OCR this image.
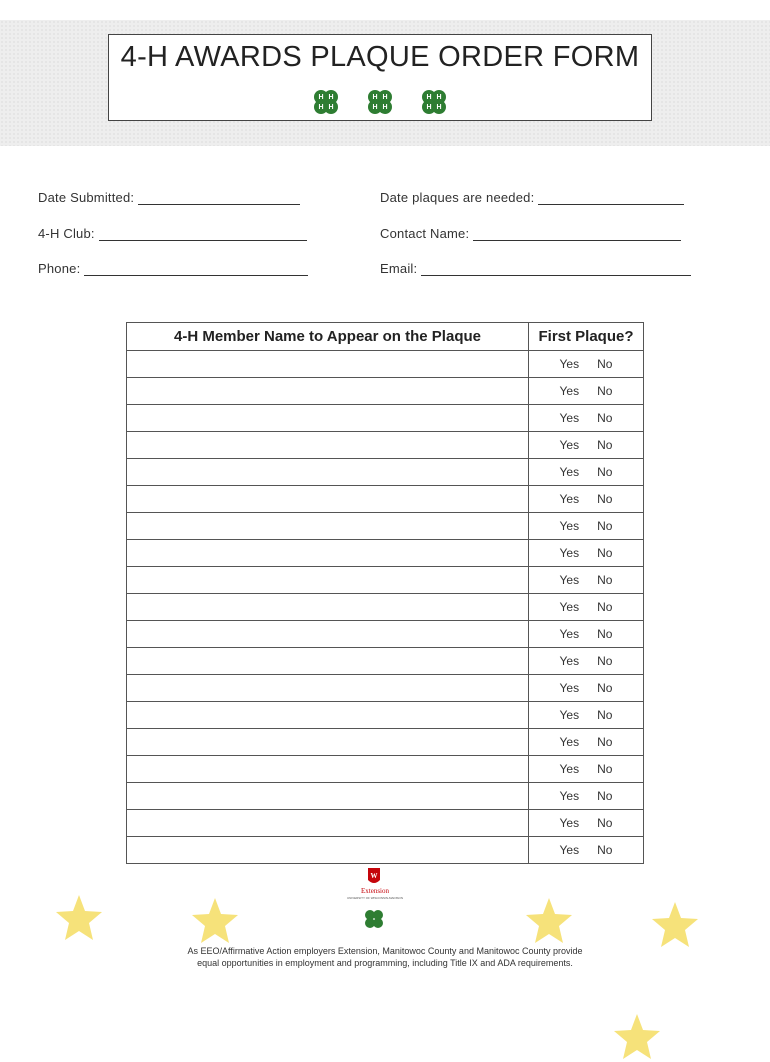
4-H AWARDS PLAQUE ORDER FORM
H H
H H
H H
H H
H H
H H
Date Submitted:	Date plaques are needed:
4-H Club:	Contact Name:
Phone:	Email:
4-H Member Name to Appear on the Plaque	First Plaque?
	Yes No
	Yes No
	Yes No
	Yes No
	Yes No
	Yes No
	Yes No
	Yes No
	Yes No
	Yes No
	Yes No
	Yes No
	Yes No
	Yes No
	Yes No
	Yes No
	Yes No
	Yes No
	Yes No
W
Extension
UNIVERSITY OF WISCONSIN-MADISON

As EEO/Affirmative Action employers Extension, Manitowoc County and Manitowoc County provide
equal opportunities in employment and programming, including Title IX and ADA requirements.
